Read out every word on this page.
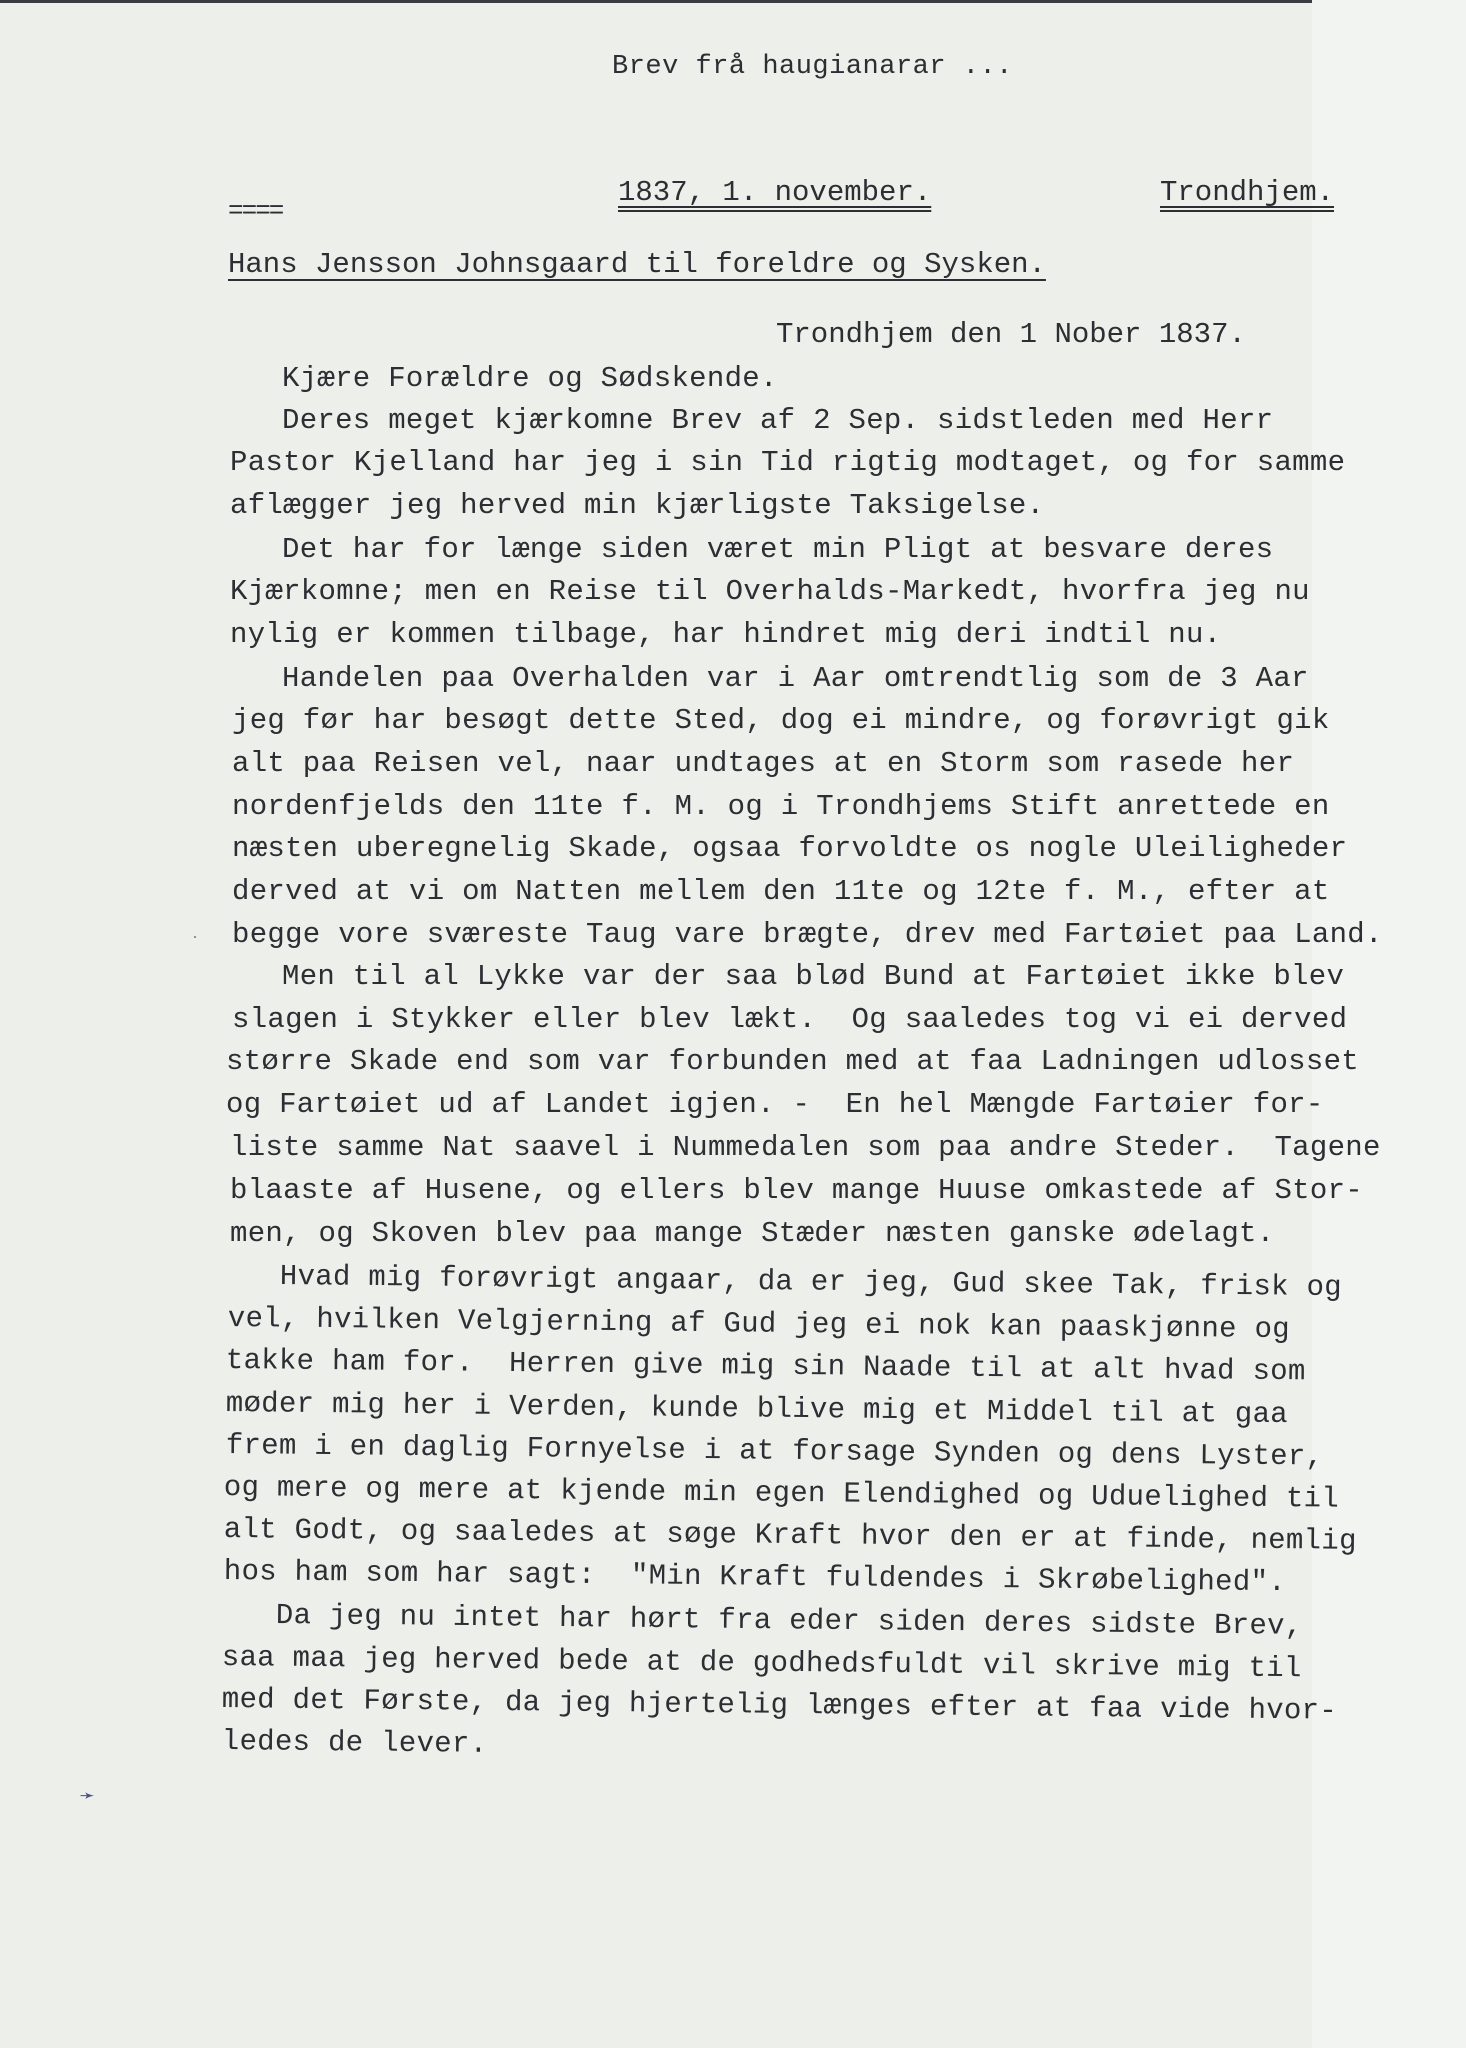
Brev frå haugianarar ...
====
1837, 1. november.	Trondhjem.
Hans Jensson Johnsgaard til foreldre og Sysken.
Trondhjem den 1 Nober 1837.
Kjære Forældre og Sødskende.
Deres meget kjærkomne Brev af 2 Sep. sidstleden med Herr
Pastor Kjelland har jeg i sin Tid rigtig modtaget, og for samme
aflægger jeg herved min kjærligste Taksigelse.
Det har for længe siden været min Pligt at besvare deres
Kjærkomne; men en Reise til Overhalds-Markedt, hvorfra jeg nu
nylig er kommen tilbage, har hindret mig deri indtil nu.
Handelen paa Overhalden var i Aar omtrendtlig som de 3 Aar
jeg før har besøgt dette Sted, dog ei mindre, og forøvrigt gik
alt paa Reisen vel, naar undtages at en Storm som rasede her
nordenfjelds den 11te f. M. og i Trondhjems Stift anrettede en
næsten uberegnelig Skade, ogsaa forvoldte os nogle Uleiligheder
derved at vi om Natten mellem den 11te og 12te f. M., efter at
begge vore sværeste Taug vare brægte, drev med Fartøiet paa Land.
Men til al Lykke var der saa blød Bund at Fartøiet ikke blev
slagen i Stykker eller blev lækt.  Og saaledes tog vi ei derved
større Skade end som var forbunden med at faa Ladningen udlosset
og Fartøiet ud af Landet igjen. -  En hel Mængde Fartøier for-
liste samme Nat saavel i Nummedalen som paa andre Steder.  Tagene
blaaste af Husene, og ellers blev mange Huuse omkastede af Stor-
men, og Skoven blev paa mange Stæder næsten ganske ødelagt.
Hvad mig forøvrigt angaar, da er jeg, Gud skee Tak, frisk og
vel, hvilken Velgjerning af Gud jeg ei nok kan paaskjønne og
takke ham for.  Herren give mig sin Naade til at alt hvad som
møder mig her i Verden, kunde blive mig et Middel til at gaa
frem i en daglig Fornyelse i at forsage Synden og dens Lyster,
og mere og mere at kjende min egen Elendighed og Uduelighed til
alt Godt, og saaledes at søge Kraft hvor den er at finde, nemlig
hos ham som har sagt:  "Min Kraft fuldendes i Skrøbelighed".
Da jeg nu intet har hørt fra eder siden deres sidste Brev,
saa maa jeg herved bede at de godhedsfuldt vil skrive mig til
med det Første, da jeg hjertelig længes efter at faa vide hvor-
ledes de lever.
➛
